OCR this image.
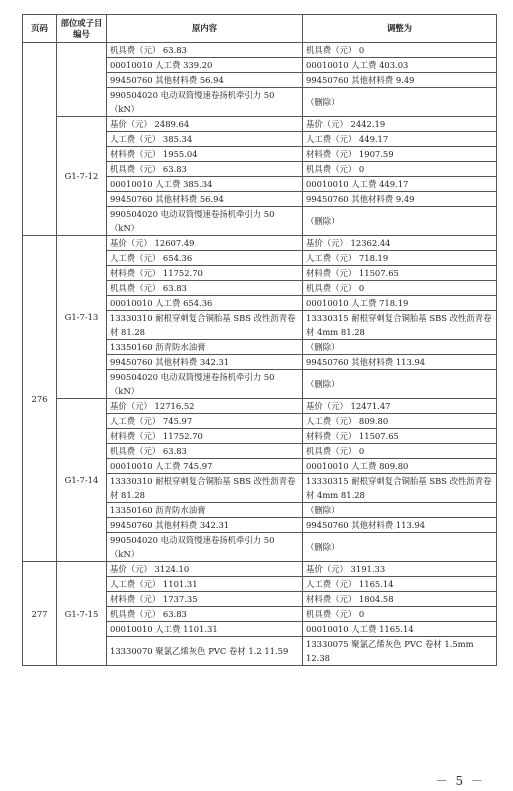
页码	部位或子目编号	原内容	调整为
		机具费（元） 63.83	机具费（元） 0
		00010010 人工费 339.20	00010010 人工费 403.03
		99450760 其他材料费 56.94	99450760 其他材料费 9.49
		990504020 电动双筒慢速卷扬机牵引力 50（kN）	（删除）
	G1-7-12	基价（元） 2489.64	基价（元） 2442.19
		人工费（元） 385.34	人工费（元） 449.17
		材料费（元） 1955.04	材料费（元） 1907.59
		机具费（元） 63.83	机具费（元） 0
		00010010 人工费 385.34	00010010 人工费 449.17
		99450760 其他材料费 56.94	99450760 其他材料费 9.49
		990504020 电动双筒慢速卷扬机牵引力 50（kN）	（删除）
276	G1-7-13	基价（元） 12607.49	基价（元） 12362.44
		人工费（元） 654.36	人工费（元） 718.19
		材料费（元） 11752.70	材料费（元） 11507.65
		机具费（元） 63.83	机具费（元） 0
		00010010 人工费 654.36	00010010 人工费 718.19
		13330310 耐根穿刺复合铜胎基 SBS 改性沥青卷材 81.28	13330315 耐根穿刺复合铜胎基 SBS 改性沥青卷材 4mm 81.28
		13350160 沥青防水油膏	（删除）
		99450760 其他材料费 342.31	99450760 其他材料费 113.94
		990504020 电动双筒慢速卷扬机牵引力 50（kN）	（删除）
	G1-7-14	基价（元） 12716.52	基价（元） 12471.47
		人工费（元） 745.97	人工费（元） 809.80
		材料费（元） 11752.70	材料费（元） 11507.65
		机具费（元） 63.83	机具费（元） 0
		00010010 人工费 745.97	00010010 人工费 809.80
		13330310 耐根穿刺复合铜胎基 SBS 改性沥青卷材 81.28	13330315 耐根穿刺复合铜胎基 SBS 改性沥青卷材 4mm 81.28
		13350160 沥青防水油膏	（删除）
		99450760 其他材料费 342.31	99450760 其他材料费 113.94
		990504020 电动双筒慢速卷扬机牵引力 50（kN）	（删除）
277	G1-7-15	基价（元） 3124.10	基价（元） 3191.33
		人工费（元） 1101.31	人工费（元） 1165.14
		材料费（元） 1737.35	材料费（元） 1804.58
		机具费（元） 63.83	机具费（元） 0
		00010010 人工费 1101.31	00010010 人工费 1165.14
		13330070 聚氯乙烯灰色 PVC 卷材 1.2 11.59	13330075 聚氯乙烯灰色 PVC 卷材 1.5mm 12.38
－ 5 －
